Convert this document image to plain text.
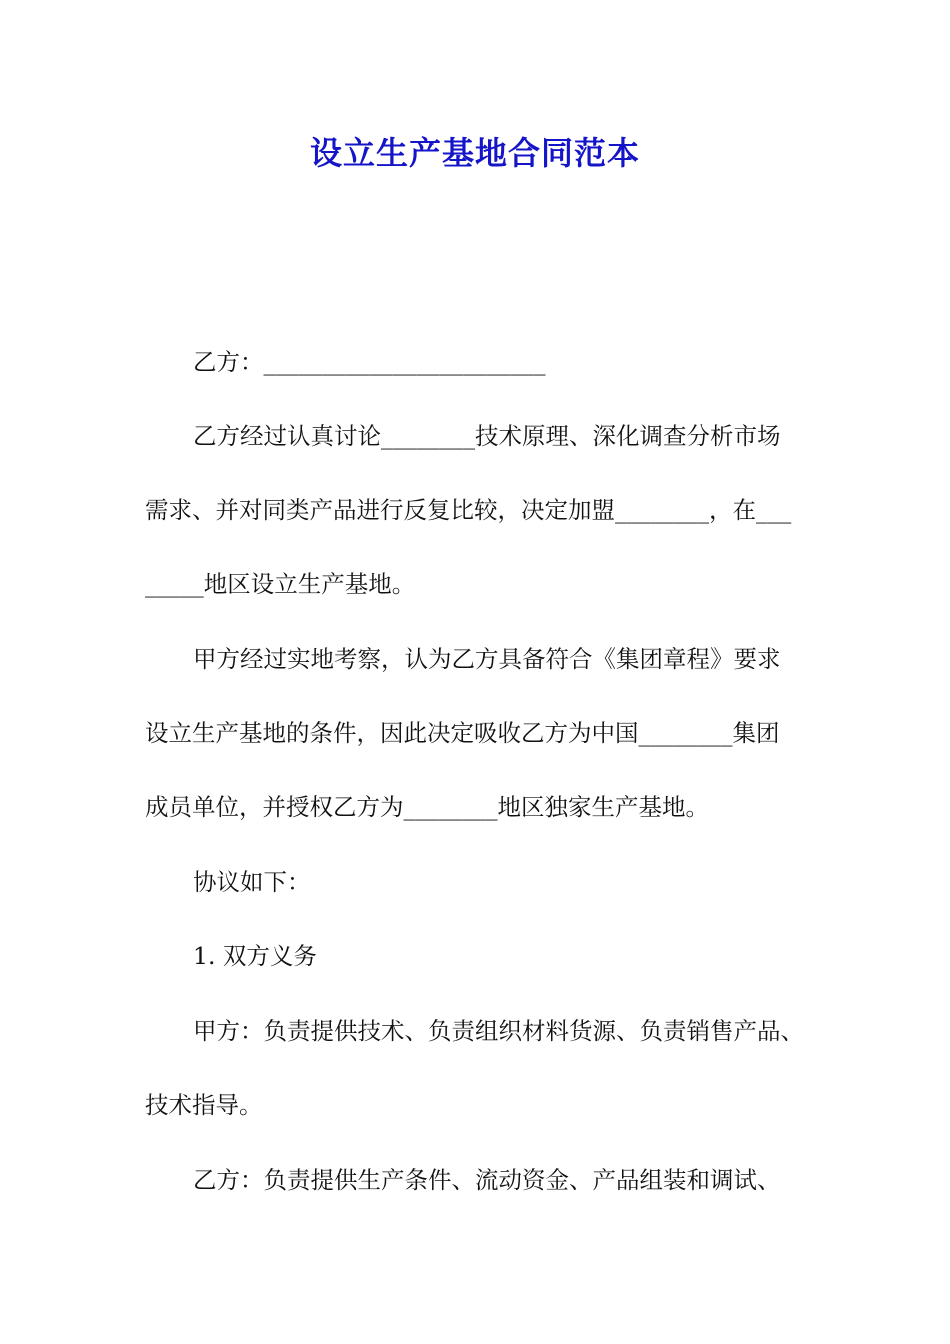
设立生产基地合同范本

乙方：________________________

乙方经过认真讨论________技术原理、深化调查分析市场

需求、并对同类产品进行反复比较，决定加盟________，在___

_____地区设立生产基地。

甲方经过实地考察，认为乙方具备符合《集团章程》要求

设立生产基地的条件，因此决定吸收乙方为中国________集团

成员单位，并授权乙方为________地区独家生产基地。

协议如下：

1. 双方义务

甲方：负责提供技术、负责组织材料货源、负责销售产品、

技术指导。

乙方：负责提供生产条件、流动资金、产品组装和调试、
